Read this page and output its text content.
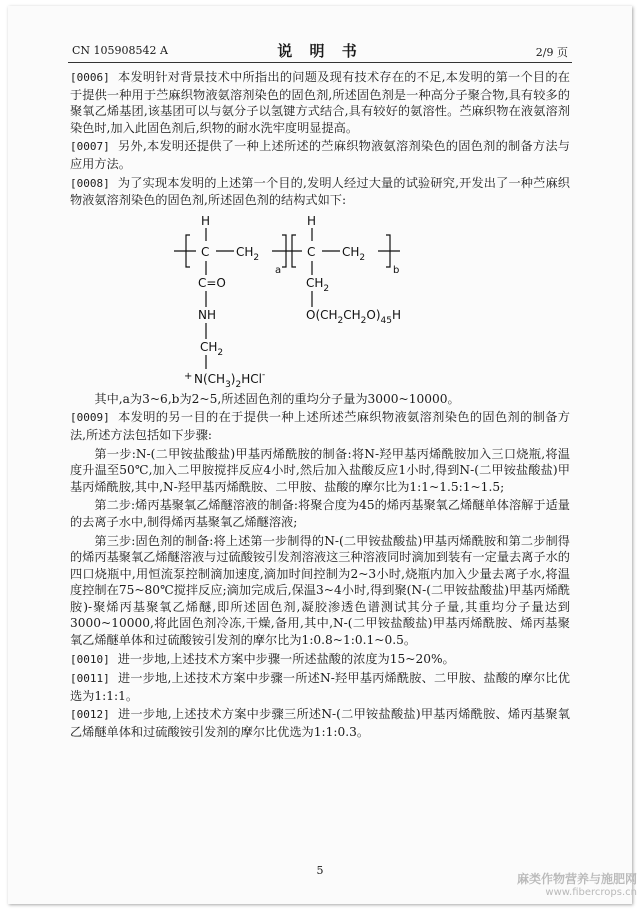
CN 105908542 A	说 明 书	2/9 页

[0006] 本发明针对背景技术中所指出的问题及现有技术存在的不足,本发明的第一个目的在于提供一种用于苎麻织物液氨溶剂染色的固色剂,所述固色剂是一种高分子聚合物,具有较多的聚氧乙烯基团,该基团可以与氨分子以氢键方式结合,具有较好的氨溶性。苎麻织物在液氨溶剂染色时,加入此固色剂后,织物的耐水洗牢度明显提高。

[0007] 另外,本发明还提供了一种上述所述的苎麻织物液氨溶剂染色的固色剂的制备方法与应用方法。

[0008] 为了实现本发明的上述第一个目的,发明人经过大量的试验研究,开发出了一种苎麻织物液氨溶剂染色的固色剂,所述固色剂的结构式如下:

H	H
C	C
$CH_2$	$CH_2$
a	b
C=O
NH
$CH_2$
$CH_2$
$O(CH_2CH_2O)_{45}H$
+ $N(CH_3)_2HCl^-$

其中,a为3~6,b为2~5,所述固色剂的重均分子量为3000~10000。

[0009] 本发明的另一目的在于提供一种上述所述苎麻织物液氨溶剂染色的固色剂的制备方法,所述方法包括如下步骤:

第一步:N-(二甲铵盐酸盐)甲基丙烯酰胺的制备:将N-羟甲基丙烯酰胺加入三口烧瓶,将温度升温至50℃,加入二甲胺搅拌反应4小时,然后加入盐酸反应1小时,得到N-(二甲铵盐酸盐)甲基丙烯酰胺,其中,N-羟甲基丙烯酰胺、二甲胺、盐酸的摩尔比为1:1~1.5:1~1.5;

第二步:烯丙基聚氧乙烯醚溶液的制备:将聚合度为45的烯丙基聚氧乙烯醚单体溶解于适量的去离子水中,制得烯丙基聚氧乙烯醚溶液;

第三步:固色剂的制备:将上述第一步制得的N-(二甲铵盐酸盐)甲基丙烯酰胺和第二步制得的烯丙基聚氧乙烯醚溶液与过硫酸铵引发剂溶液这三种溶液同时滴加到装有一定量去离子水的四口烧瓶中,用恒流泵控制滴加速度,滴加时间控制为2~3小时,烧瓶内加入少量去离子水,将温度控制在75~80℃搅拌反应;滴加完成后,保温3~4小时,得到聚(N-(二甲铵盐酸盐)甲基丙烯酰胺)-聚烯丙基聚氧乙烯醚,即所述固色剂,凝胶渗透色谱测试其分子量,其重均分子量达到3000~10000,将此固色剂冷冻,干燥,备用,其中,N-(二甲铵盐酸盐)甲基丙烯酰胺、烯丙基聚氧乙烯醚单体和过硫酸铵引发剂的摩尔比为1:0.8~1:0.1~0.5。

[0010] 进一步地,上述技术方案中步骤一所述盐酸的浓度为15~20%。

[0011] 进一步地,上述技术方案中步骤一所述N-羟甲基丙烯酰胺、二甲胺、盐酸的摩尔比优选为1:1:1。

[0012] 进一步地,上述技术方案中步骤三所述N-(二甲铵盐酸盐)甲基丙烯酰胺、烯丙基聚氧乙烯醚单体和过硫酸铵引发剂的摩尔比优选为1:1:0.3。

5
麻类作物营养与施肥网
www.fibercrops.cn
